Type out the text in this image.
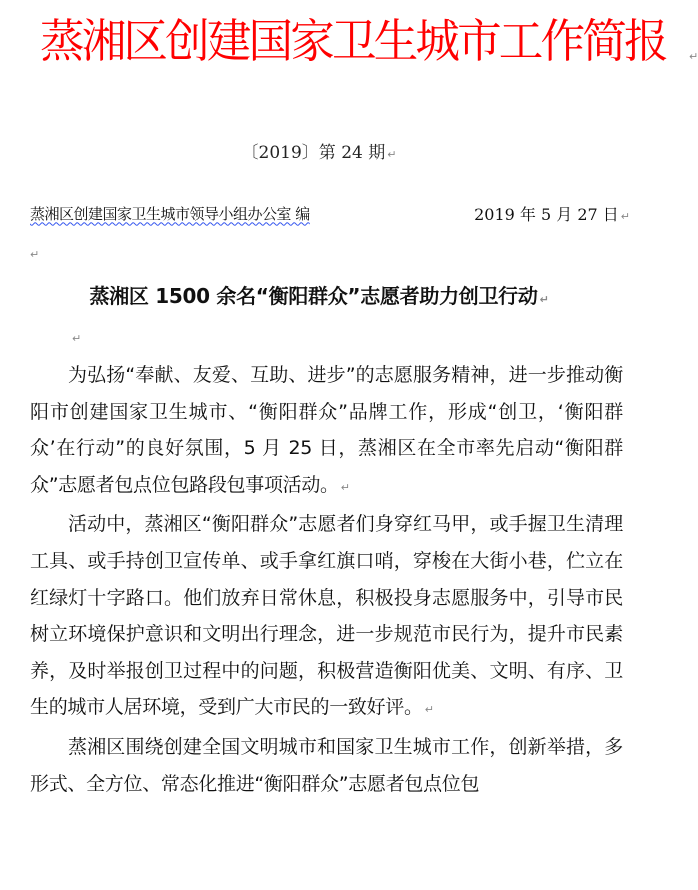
蒸湘区创建国家卫生城市工作简报 ↵
〔2019〕第 24 期 ↵
蒸湘区创建国家卫生城市领导小组办公室 编	2019 年 5 月 27 日 ↵
↵
蒸湘区 1500 余名“衡阳群众”志愿者助力创卫行动 ↵
↵

为弘扬“奉献、友爱、互助、进步”的志愿服务精神，进一步推动衡阳市创建国家卫生城市、“衡阳群众”品牌工作，形成“创卫，‘衡阳群众’在行动”的良好氛围，5 月 25 日，蒸湘区在全市率先启动“衡阳群众”志愿者包点位包路段包事项活动。 ↵

活动中，蒸湘区“衡阳群众”志愿者们身穿红马甲，或手握卫生清理工具、或手持创卫宣传单、或手拿红旗口哨，穿梭在大街小巷，伫立在红绿灯十字路口。他们放弃日常休息，积极投身志愿服务中，引导市民树立环境保护意识和文明出行理念，进一步规范市民行为，提升市民素养，及时举报创卫过程中的问题，积极营造衡阳优美、文明、有序、卫生的城市人居环境，受到广大市民的一致好评。 ↵

蒸湘区围绕创建全国文明城市和国家卫生城市工作，创新举措，多形式、全方位、常态化推进“衡阳群众”志愿者包点位包
